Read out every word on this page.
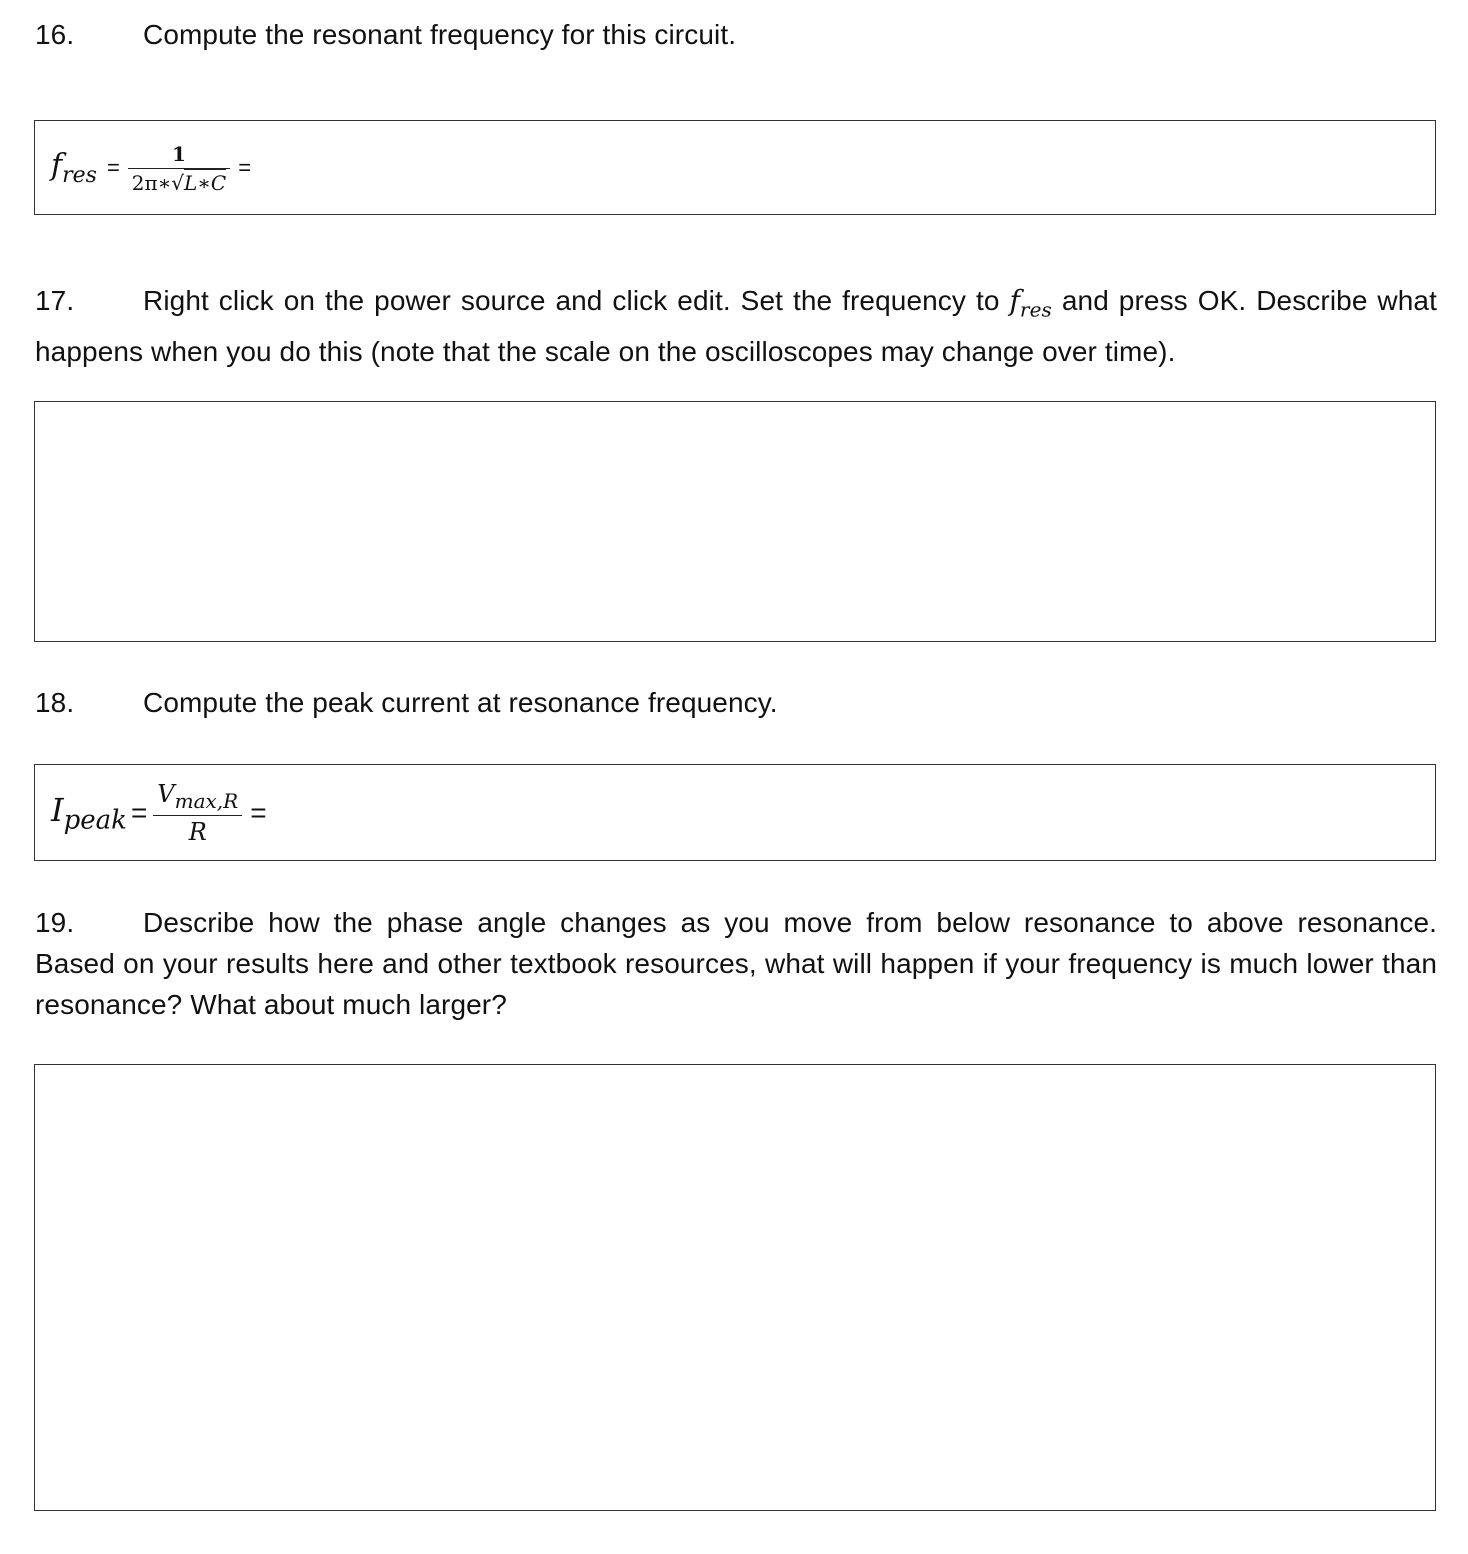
16. Compute the resonant frequency for this circuit.
$f_{res} = \frac{1}{2\pi∗√L∗C}$ =
17. Right click on the power source and click edit. Set the frequency to $f_{res}$ and press OK. Describe what happens when you do this (note that the scale on the oscilloscopes may change over time).
18. Compute the peak current at resonance frequency.
$I_{peak} = \frac{V_{max,R}}{R}$ =
19. Describe how the phase angle changes as you move from below resonance to above resonance. Based on your results here and other textbook resources, what will happen if your frequency is much lower than resonance? What about much larger?
